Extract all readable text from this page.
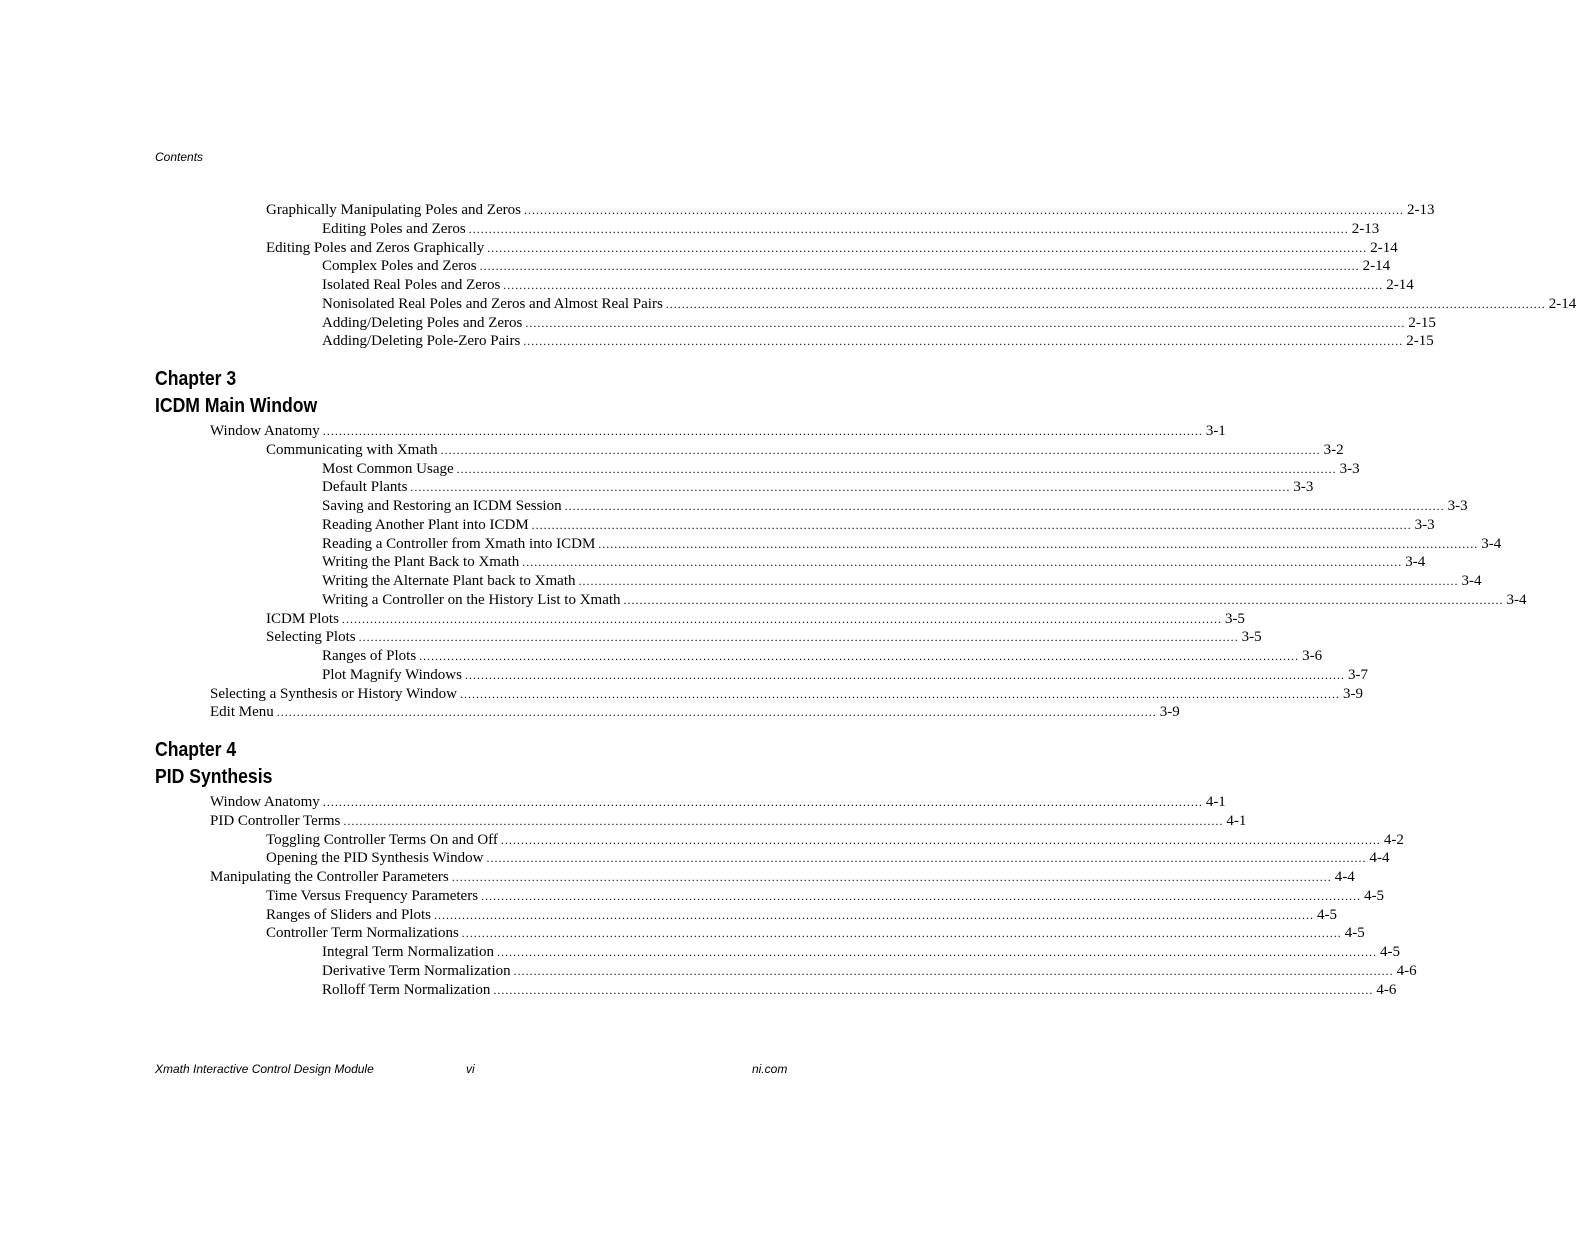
Contents
Graphically Manipulating Poles and Zeros ............................................................................................................................................................................................................................ 2-13
Editing Poles and Zeros ............................................................................................................................................................................................................................ 2-13
Editing Poles and Zeros Graphically ............................................................................................................................................................................................................................ 2-14
Complex Poles and Zeros ............................................................................................................................................................................................................................ 2-14
Isolated Real Poles and Zeros ............................................................................................................................................................................................................................ 2-14
Nonisolated Real Poles and Zeros and Almost Real Pairs ............................................................................................................................................................................................................................ 2-14
Adding/Deleting Poles and Zeros ............................................................................................................................................................................................................................ 2-15
Adding/Deleting Pole-Zero Pairs ............................................................................................................................................................................................................................ 2-15
Chapter 3
ICDM Main Window
Window Anatomy ............................................................................................................................................................................................................................ 3-1
Communicating with Xmath ............................................................................................................................................................................................................................ 3-2
Most Common Usage ............................................................................................................................................................................................................................ 3-3
Default Plants ............................................................................................................................................................................................................................ 3-3
Saving and Restoring an ICDM Session ............................................................................................................................................................................................................................ 3-3
Reading Another Plant into ICDM ............................................................................................................................................................................................................................ 3-3
Reading a Controller from Xmath into ICDM ............................................................................................................................................................................................................................ 3-4
Writing the Plant Back to Xmath ............................................................................................................................................................................................................................ 3-4
Writing the Alternate Plant back to Xmath ............................................................................................................................................................................................................................ 3-4
Writing a Controller on the History List to Xmath ............................................................................................................................................................................................................................ 3-4
ICDM Plots ............................................................................................................................................................................................................................ 3-5
Selecting Plots ............................................................................................................................................................................................................................ 3-5
Ranges of Plots ............................................................................................................................................................................................................................ 3-6
Plot Magnify Windows ............................................................................................................................................................................................................................ 3-7
Selecting a Synthesis or History Window ............................................................................................................................................................................................................................ 3-9
Edit Menu ............................................................................................................................................................................................................................ 3-9
Chapter 4
PID Synthesis
Window Anatomy ............................................................................................................................................................................................................................ 4-1
PID Controller Terms ............................................................................................................................................................................................................................ 4-1
Toggling Controller Terms On and Off ............................................................................................................................................................................................................................ 4-2
Opening the PID Synthesis Window ............................................................................................................................................................................................................................ 4-4
Manipulating the Controller Parameters ............................................................................................................................................................................................................................ 4-4
Time Versus Frequency Parameters ............................................................................................................................................................................................................................ 4-5
Ranges of Sliders and Plots ............................................................................................................................................................................................................................ 4-5
Controller Term Normalizations ............................................................................................................................................................................................................................ 4-5
Integral Term Normalization ............................................................................................................................................................................................................................ 4-5
Derivative Term Normalization ............................................................................................................................................................................................................................ 4-6
Rolloff Term Normalization ............................................................................................................................................................................................................................ 4-6
Xmath Interactive Control Design Module	vi	ni.com
